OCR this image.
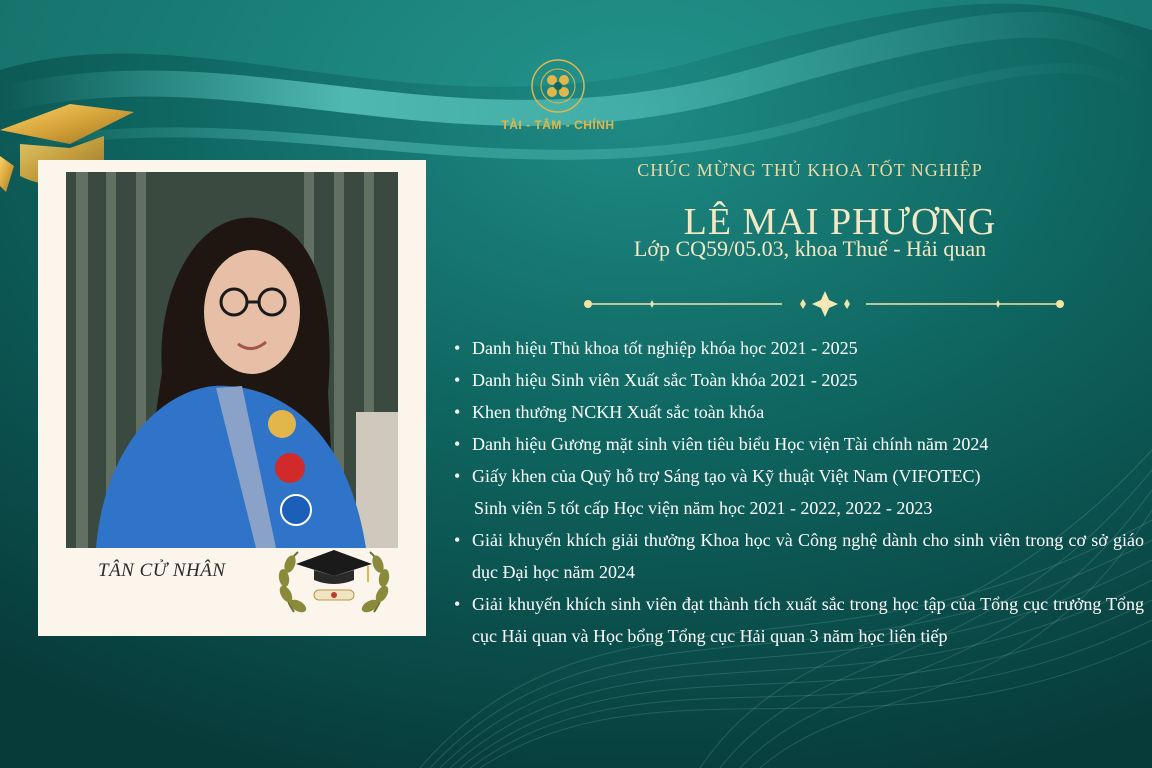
TÀI - TÂM - CHÍNH
CHÚC MỪNG THỦ KHOA TỐT NGHIỆP
LÊ MAI PHƯƠNG
Lớp CQ59/05.03, khoa Thuế - Hải quan
• Danh hiệu Thủ khoa tốt nghiệp khóa học 2021 - 2025
• Danh hiệu Sinh viên Xuất sắc Toàn khóa 2021 - 2025
• Khen thưởng NCKH Xuất sắc toàn khóa
• Danh hiệu Gương mặt sinh viên tiêu biểu Học viện Tài chính năm 2024
• Giấy khen của Quỹ hỗ trợ Sáng tạo và Kỹ thuật Việt Nam (VIFOTEC)
Sinh viên 5 tốt cấp Học viện năm học 2021 - 2022, 2022 - 2023
• Giải khuyến khích giải thưởng Khoa học và Công nghệ dành cho sinh viên trong cơ sở giáo dục Đại học năm 2024
• Giải khuyến khích sinh viên đạt thành tích xuất sắc trong học tập của Tổng cục trưởng Tổng cục Hải quan và Học bổng Tổng cục Hải quan 3 năm học liên tiếp
TÂN CỬ NHÂN
